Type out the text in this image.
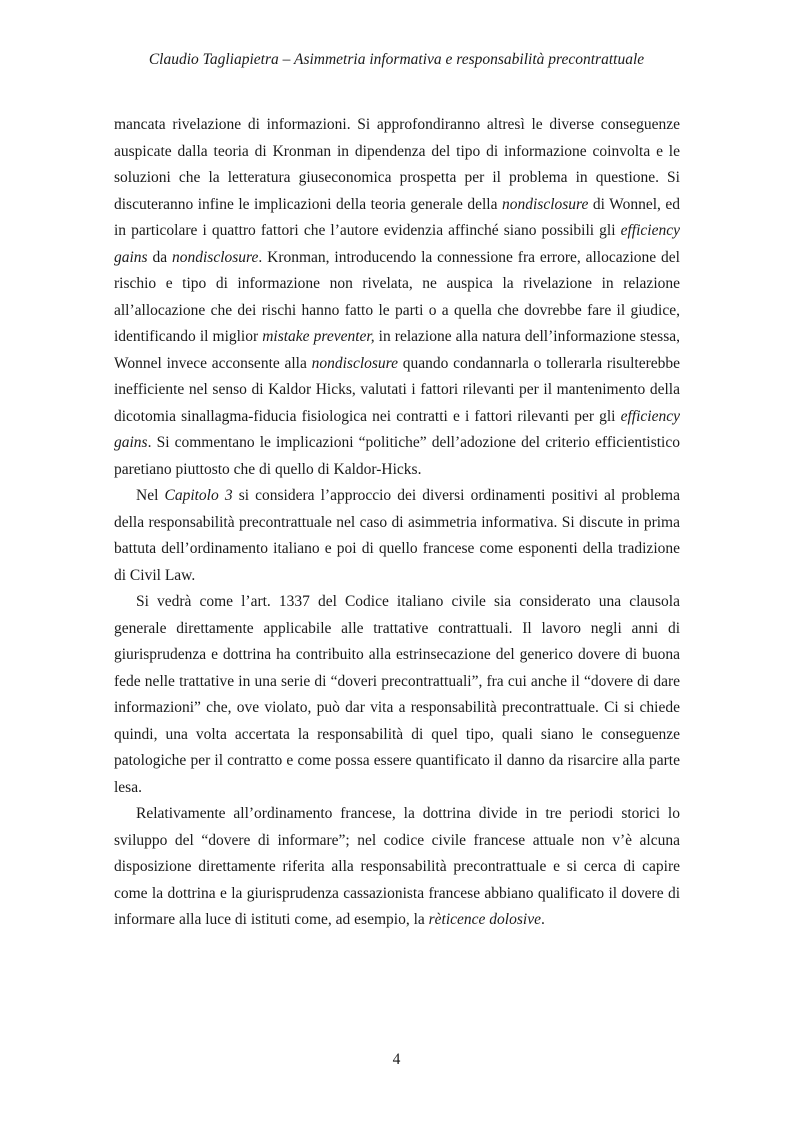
Claudio Tagliapietra – Asimmetria informativa e responsabilità precontrattuale

mancata rivelazione di informazioni. Si approfondiranno altresì le diverse conseguenze auspicate dalla teoria di Kronman in dipendenza del tipo di informazione coinvolta e le soluzioni che la letteratura giuseconomica prospetta per il problema in questione. Si discuteranno infine le implicazioni della teoria generale della nondisclosure di Wonnel, ed in particolare i quattro fattori che l’autore evidenzia affinché siano possibili gli efficiency gains da nondisclosure. Kronman, introducendo la connessione fra errore, allocazione del rischio e tipo di informazione non rivelata, ne auspica la rivelazione in relazione all’allocazione che dei rischi hanno fatto le parti o a quella che dovrebbe fare il giudice, identificando il miglior mistake preventer, in relazione alla natura dell’informazione stessa, Wonnel invece acconsente alla nondisclosure quando condannarla o tollerarla risulterebbe inefficiente nel senso di Kaldor Hicks, valutati i fattori rilevanti per il mantenimento della dicotomia sinallagma-fiducia fisiologica nei contratti e i fattori rilevanti per gli efficiency gains. Si commentano le implicazioni “politiche” dell’adozione del criterio efficientistico paretiano piuttosto che di quello di Kaldor-Hicks.

Nel Capitolo 3 si considera l’approccio dei diversi ordinamenti positivi al problema della responsabilità precontrattuale nel caso di asimmetria informativa. Si discute in prima battuta dell’ordinamento italiano e poi di quello francese come esponenti della tradizione di Civil Law.

Si vedrà come l’art. 1337 del Codice italiano civile sia considerato una clausola generale direttamente applicabile alle trattative contrattuali. Il lavoro negli anni di giurisprudenza e dottrina ha contribuito alla estrinsecazione del generico dovere di buona fede nelle trattative in una serie di “doveri precontrattuali”, fra cui anche il “dovere di dare informazioni” che, ove violato, può dar vita a responsabilità precontrattuale. Ci si chiede quindi, una volta accertata la responsabilità di quel tipo, quali siano le conseguenze patologiche per il contratto e come possa essere quantificato il danno da risarcire alla parte lesa.

Relativamente all’ordinamento francese, la dottrina divide in tre periodi storici lo sviluppo del “dovere di informare”; nel codice civile francese attuale non v’è alcuna disposizione direttamente riferita alla responsabilità precontrattuale e si cerca di capire come la dottrina e la giurisprudenza cassazionista francese abbiano qualificato il dovere di informare alla luce di istituti come, ad esempio, la rèticence dolosive.

4
